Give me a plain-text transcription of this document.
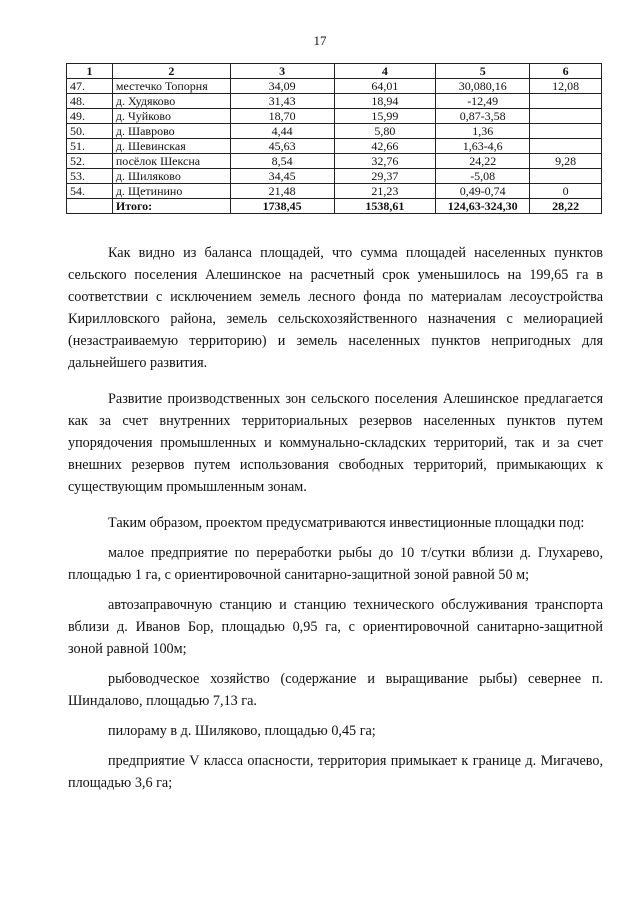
17
1	2	3	4	5	6
47.	местечко Топорня	34,09	64,01	30,080,16	12,08
48.	д. Худяково	31,43	18,94	-12,49	
49.	д. Чуйково	18,70	15,99	0,87-3,58	
50.	д. Шаврово	4,44	5,80	1,36	
51.	д. Шевинская	45,63	42,66	1,63-4,6	
52.	посёлок Шексна	8,54	32,76	24,22	9,28
53.	д. Шиляково	34,45	29,37	-5,08	
54.	д. Щетинино	21,48	21,23	0,49-0,74	0
	Итого:	1738,45	1538,61	124,63-324,30	28,22

Как видно из баланса площадей, что сумма площадей населенных пунктов сельского поселения Алешинское на расчетный срок уменьшилось на 199,65 га в соответствии с исключением земель лесного фонда по материалам лесоустройства Кирилловского района, земель сельскохозяйственного назначения с мелиорацией (незастраиваемую территорию) и земель населенных пунктов непригодных для дальнейшего развития.

Развитие производственных зон сельского поселения Алешинское предлагается как за счет внутренних территориальных резервов населенных пунктов путем упорядочения промышленных и коммунально-складских территорий, так и за счет внешних резервов путем использования свободных территорий, примыкающих к существующим промышленным зонам.

Таким образом, проектом предусматриваются инвестиционные площадки под:

малое предприятие по переработки рыбы до 10 т/сутки вблизи д. Глухарево, площадью 1 га, с ориентировочной санитарно-защитной зоной равной 50 м;

автозаправочную станцию и станцию технического обслуживания транспорта вблизи д. Иванов Бор, площадью 0,95 га, с ориентировочной санитарно-защитной зоной равной 100м;

рыбоводческое хозяйство (содержание и выращивание рыбы) севернее п. Шиндалово, площадью 7,13 га.

пилораму в д. Шиляково, площадью 0,45 га;

предприятие V класса опасности, территория примыкает к границе д. Мигачево, площадью 3,6 га;
